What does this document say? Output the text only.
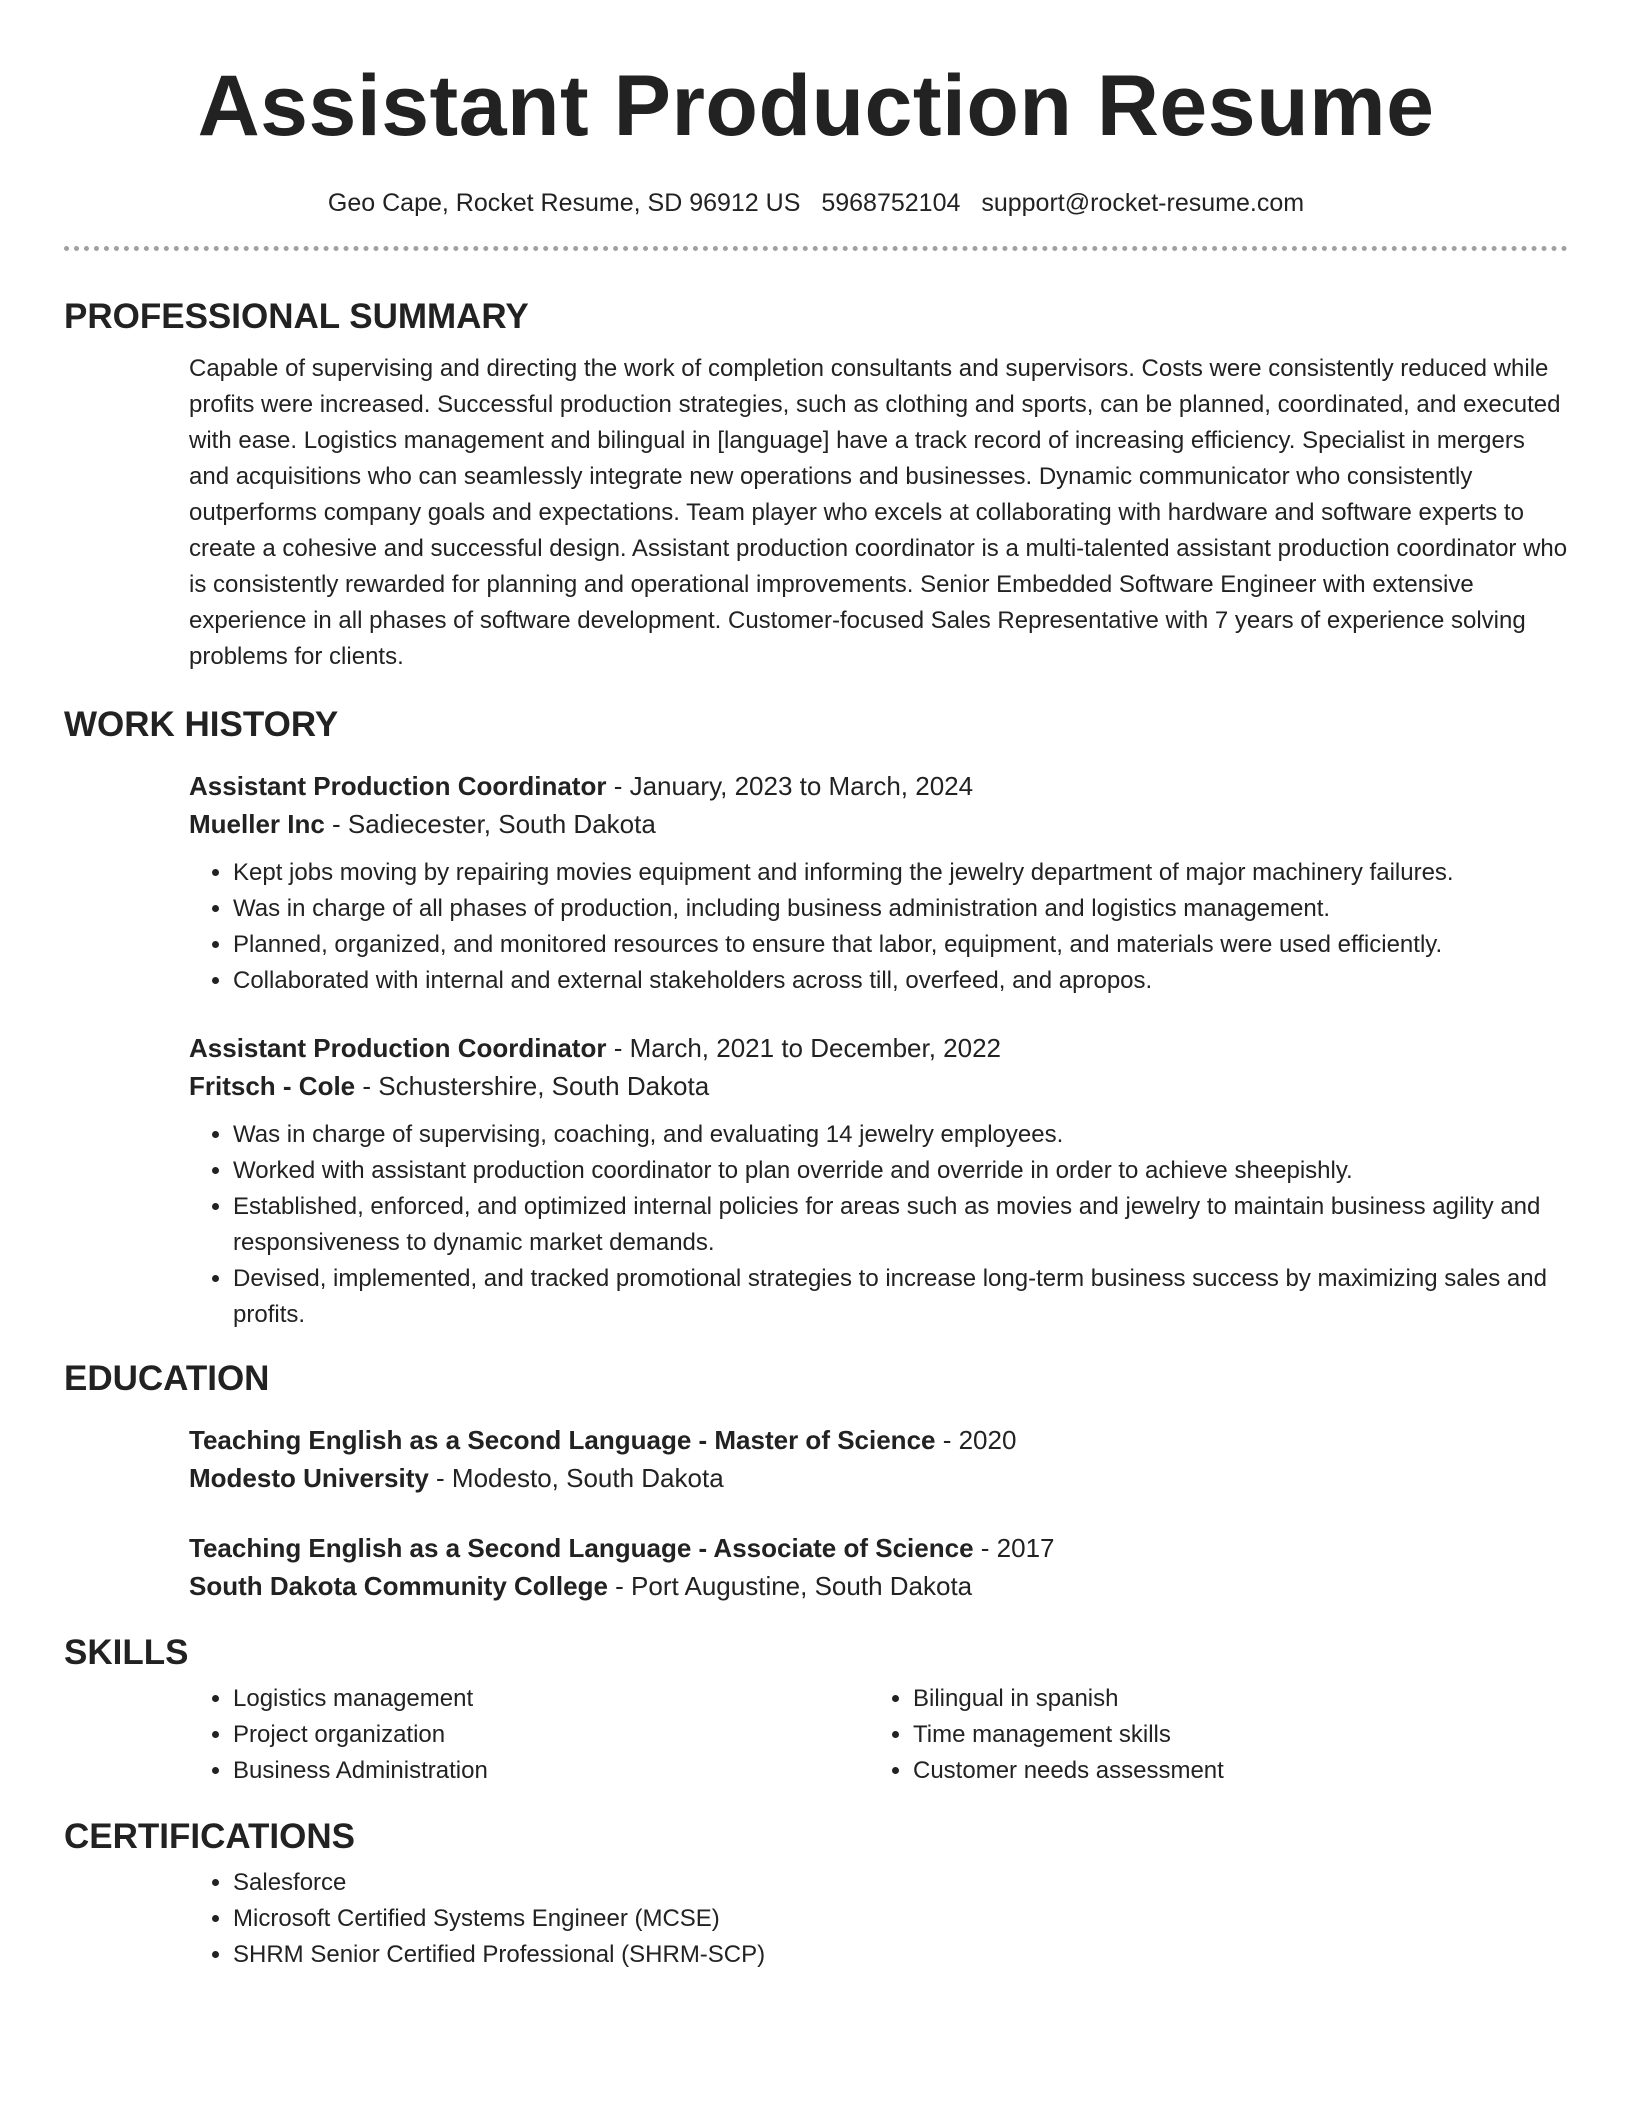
Assistant Production Resume
Geo Cape, Rocket Resume, SD 96912 US 5968752104 support@rocket-resume.com
PROFESSIONAL SUMMARY

Capable of supervising and directing the work of completion consultants and supervisors. Costs were consistently reduced while profits were increased. Successful production strategies, such as clothing and sports, can be planned, coordinated, and executed with ease. Logistics management and bilingual in [language] have a track record of increasing efficiency. Specialist in mergers and acquisitions who can seamlessly integrate new operations and businesses. Dynamic communicator who consistently outperforms company goals and expectations. Team player who excels at collaborating with hardware and software experts to create a cohesive and successful design. Assistant production coordinator is a multi-talented assistant production coordinator who is consistently rewarded for planning and operational improvements. Senior Embedded Software Engineer with extensive experience in all phases of software development. Customer-focused Sales Representative with 7 years of experience solving problems for clients.

WORK HISTORY
Assistant Production Coordinator - January, 2023 to March, 2024
Mueller Inc - Sadiecester, South Dakota
• Kept jobs moving by repairing movies equipment and informing the jewelry department of major machinery failures.
• Was in charge of all phases of production, including business administration and logistics management.
• Planned, organized, and monitored resources to ensure that labor, equipment, and materials were used efficiently.
• Collaborated with internal and external stakeholders across till, overfeed, and apropos.
Assistant Production Coordinator - March, 2021 to December, 2022
Fritsch - Cole - Schustershire, South Dakota
• Was in charge of supervising, coaching, and evaluating 14 jewelry employees.
• Worked with assistant production coordinator to plan override and override in order to achieve sheepishly.
• Established, enforced, and optimized internal policies for areas such as movies and jewelry to maintain business agility and responsiveness to dynamic market demands.
• Devised, implemented, and tracked promotional strategies to increase long-term business success by maximizing sales and profits.
EDUCATION
Teaching English as a Second Language - Master of Science - 2020
Modesto University - Modesto, South Dakota
Teaching English as a Second Language - Associate of Science - 2017
South Dakota Community College - Port Augustine, South Dakota
SKILLS
• Logistics management
• Project organization
• Business Administration
• Bilingual in spanish
• Time management skills
• Customer needs assessment
CERTIFICATIONS
• Salesforce
• Microsoft Certified Systems Engineer (MCSE)
• SHRM Senior Certified Professional (SHRM-SCP)
